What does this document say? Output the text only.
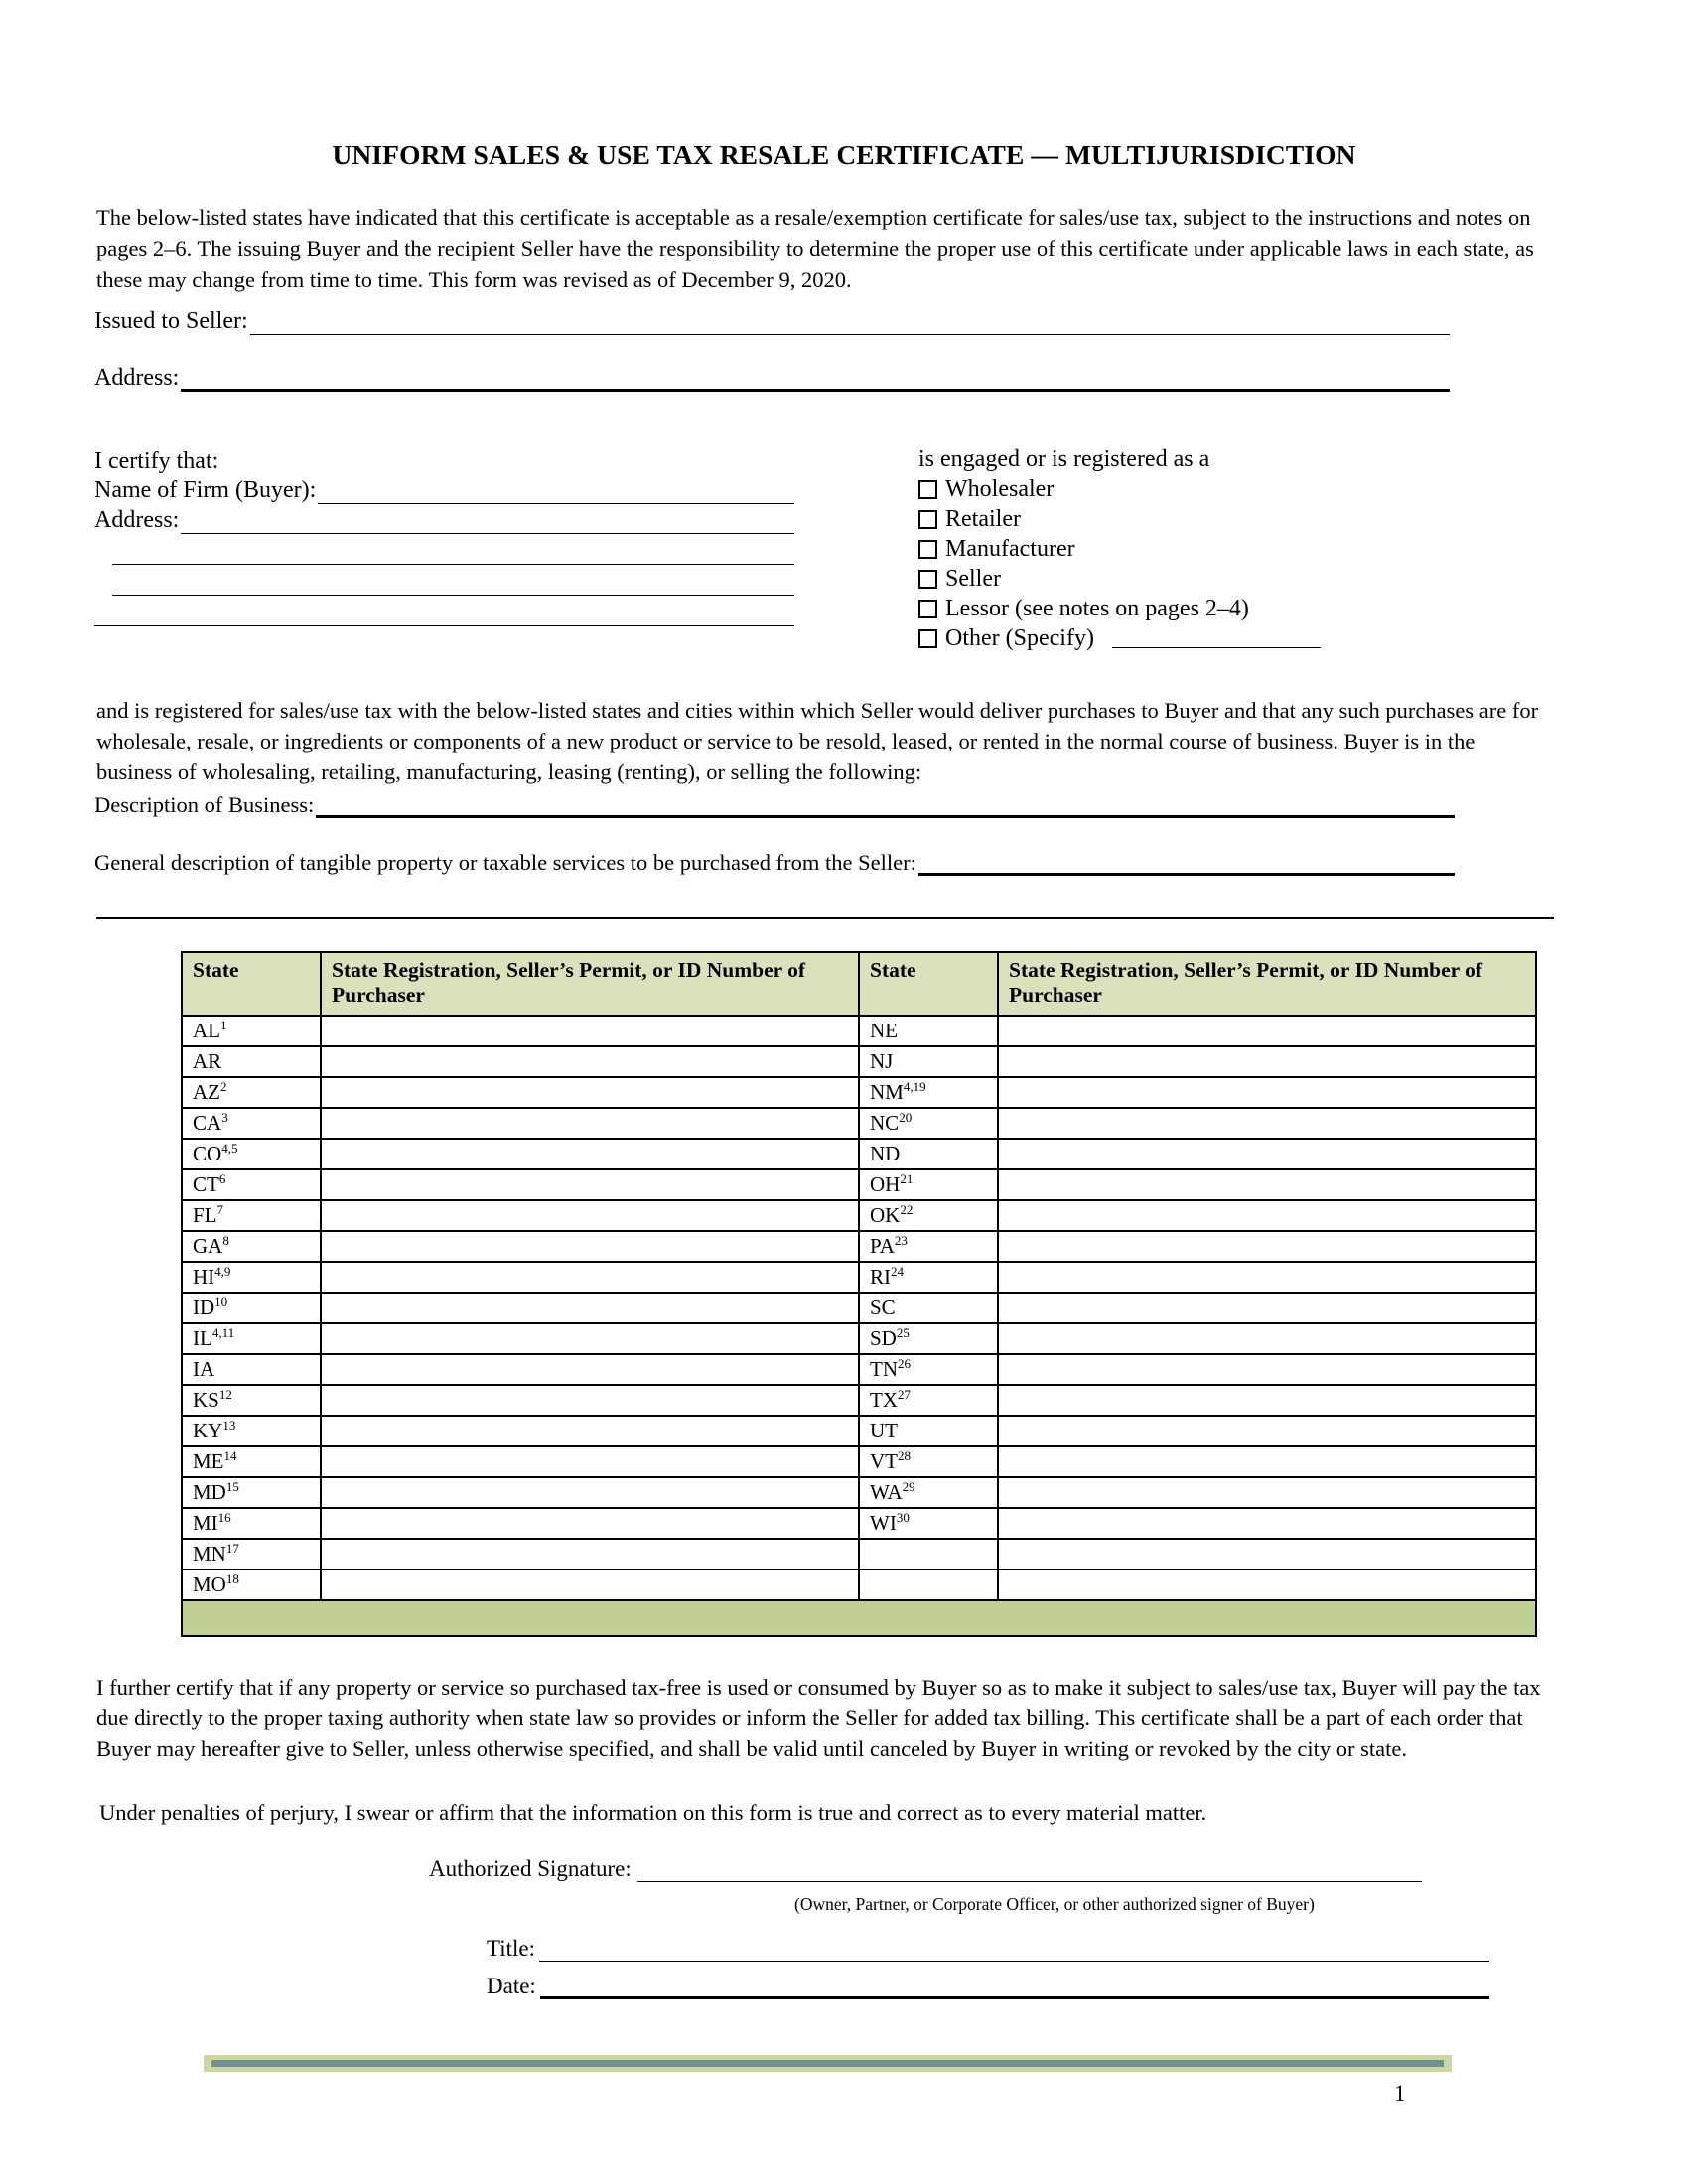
UNIFORM SALES & USE TAX RESALE CERTIFICATE — MULTIJURISDICTION
The below-listed states have indicated that this certificate is acceptable as a resale/exemption certificate for sales/use tax, subject to the instructions and notes on pages 2–6. The issuing Buyer and the recipient Seller have the responsibility to determine the proper use of this certificate under applicable laws in each state, as these may change from time to time. This form was revised as of December 9, 2020.
Issued to Seller:
Address:
I certify that:
Name of Firm (Buyer):
Address:
is engaged or is registered as a
Wholesaler
Retailer
Manufacturer
Seller
Lessor (see notes on pages 2–4)
Other (Specify)
and is registered for sales/use tax with the below-listed states and cities within which Seller would deliver purchases to Buyer and that any such purchases are for wholesale, resale, or ingredients or components of a new product or service to be resold, leased, or rented in the normal course of business. Buyer is in the business of wholesaling, retailing, manufacturing, leasing (renting), or selling the following:
Description of Business:
General description of tangible property or taxable services to be purchased from the Seller:
State	State Registration, Seller’s Permit, or ID Number of Purchaser	State	State Registration, Seller’s Permit, or ID Number of Purchaser
$AL^1$		NE	
AR		NJ	
$AZ^2$		NM$^{4,19}$	
$CA^3$		NC$^{20}$	
CO$^{4,5}$		ND	
$CT^6$		OH$^{21}$	
$FL^7$		OK$^{22}$	
$GA^8$		PA$^{23}$	
HI$^{4,9}$		RI$^{24}$	
ID$^{10}$		SC	
IL$^{4,11}$		SD$^{25}$	
IA		TN$^{26}$	
KS$^{12}$		TX$^{27}$	
KY$^{13}$		UT	
ME$^{14}$		VT$^{28}$	
MD$^{15}$		WA$^{29}$	
MI$^{16}$		WI$^{30}$	
MN$^{17}$			
MO$^{18}$			

I further certify that if any property or service so purchased tax-free is used or consumed by Buyer so as to make it subject to sales/use tax, Buyer will pay the tax due directly to the proper taxing authority when state law so provides or inform the Seller for added tax billing. This certificate shall be a part of each order that Buyer may hereafter give to Seller, unless otherwise specified, and shall be valid until canceled by Buyer in writing or revoked by the city or state.
Under penalties of perjury, I swear or affirm that the information on this form is true and correct as to every material matter.
Authorized Signature:
(Owner, Partner, or Corporate Officer, or other authorized signer of Buyer)
Title:
Date:
1
